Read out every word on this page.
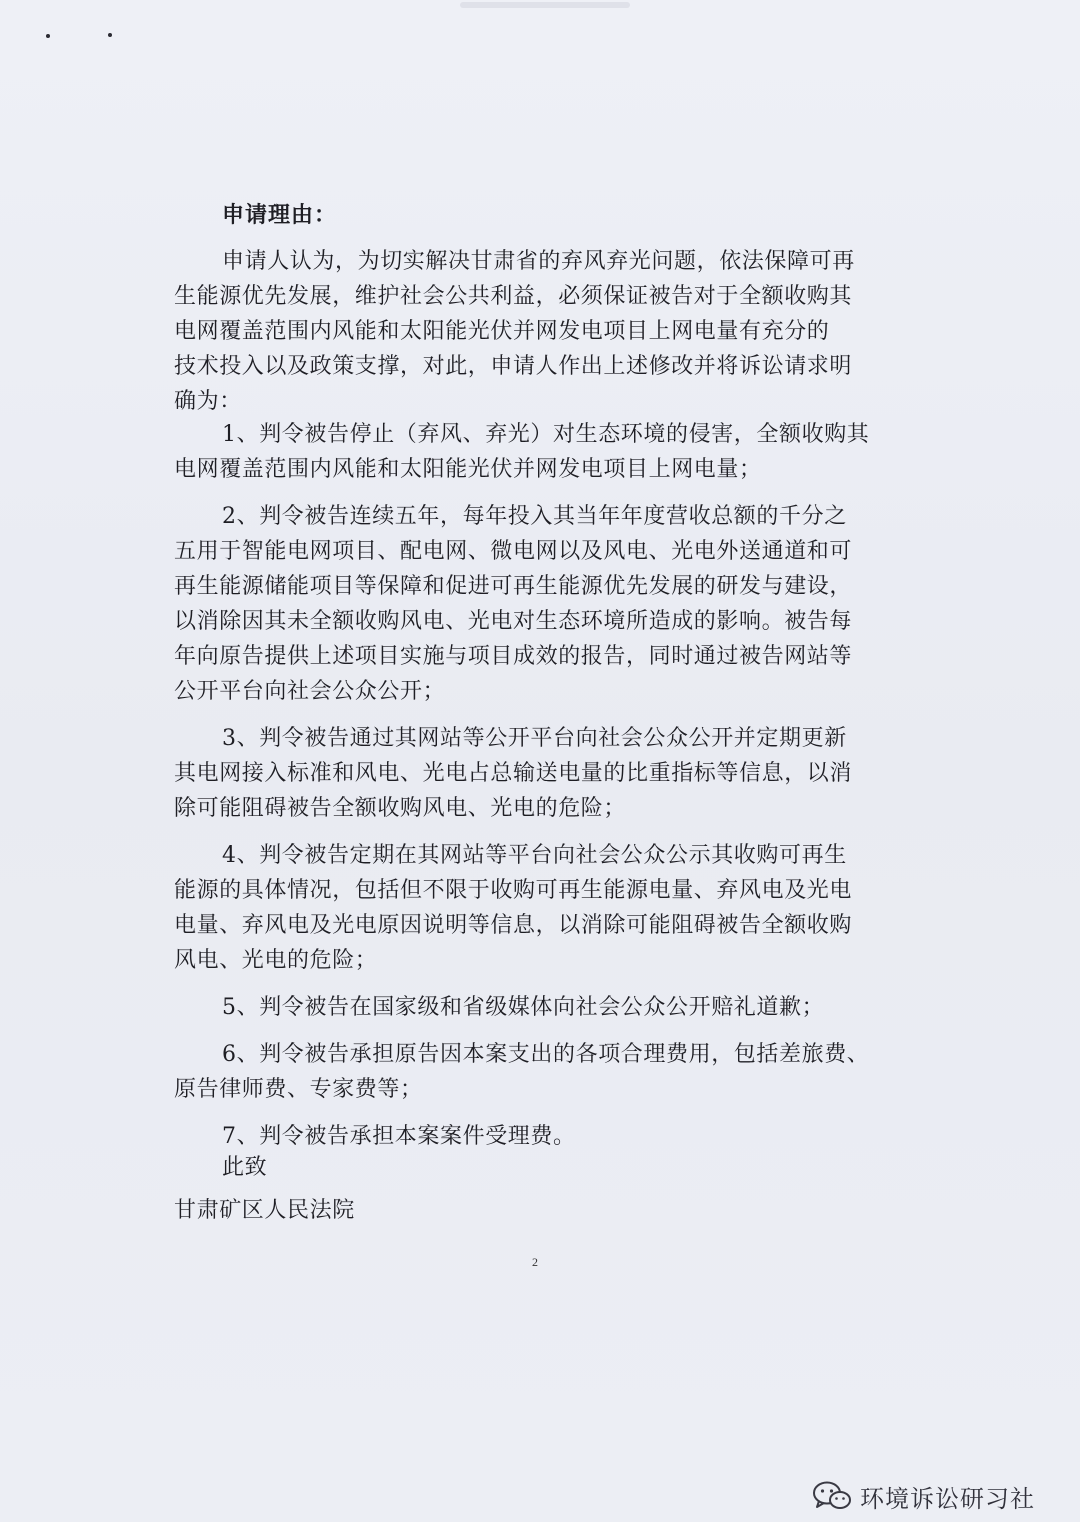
申请理由：
申请人认为，为切实解决甘肃省的弃风弃光问题，依法保障可再
生能源优先发展，维护社会公共利益，必须保证被告对于全额收购其
电网覆盖范围内风能和太阳能光伏并网发电项目上网电量有充分的
技术投入以及政策支撑，对此，申请人作出上述修改并将诉讼请求明
确为：
1、判令被告停止（弃风、弃光）对生态环境的侵害，全额收购其
电网覆盖范围内风能和太阳能光伏并网发电项目上网电量；
2、判令被告连续五年，每年投入其当年年度营收总额的千分之
五用于智能电网项目、配电网、微电网以及风电、光电外送通道和可
再生能源储能项目等保障和促进可再生能源优先发展的研发与建设，
以消除因其未全额收购风电、光电对生态环境所造成的影响。被告每
年向原告提供上述项目实施与项目成效的报告，同时通过被告网站等
公开平台向社会公众公开；
3、判令被告通过其网站等公开平台向社会公众公开并定期更新
其电网接入标准和风电、光电占总输送电量的比重指标等信息，以消
除可能阻碍被告全额收购风电、光电的危险；
4、判令被告定期在其网站等平台向社会公众公示其收购可再生
能源的具体情况，包括但不限于收购可再生能源电量、弃风电及光电
电量、弃风电及光电原因说明等信息，以消除可能阻碍被告全额收购
风电、光电的危险；
5、判令被告在国家级和省级媒体向社会公众公开赔礼道歉；
6、判令被告承担原告因本案支出的各项合理费用，包括差旅费、
原告律师费、专家费等；
7、判令被告承担本案案件受理费。
此致
甘肃矿区人民法院
2
环境诉讼研习社
